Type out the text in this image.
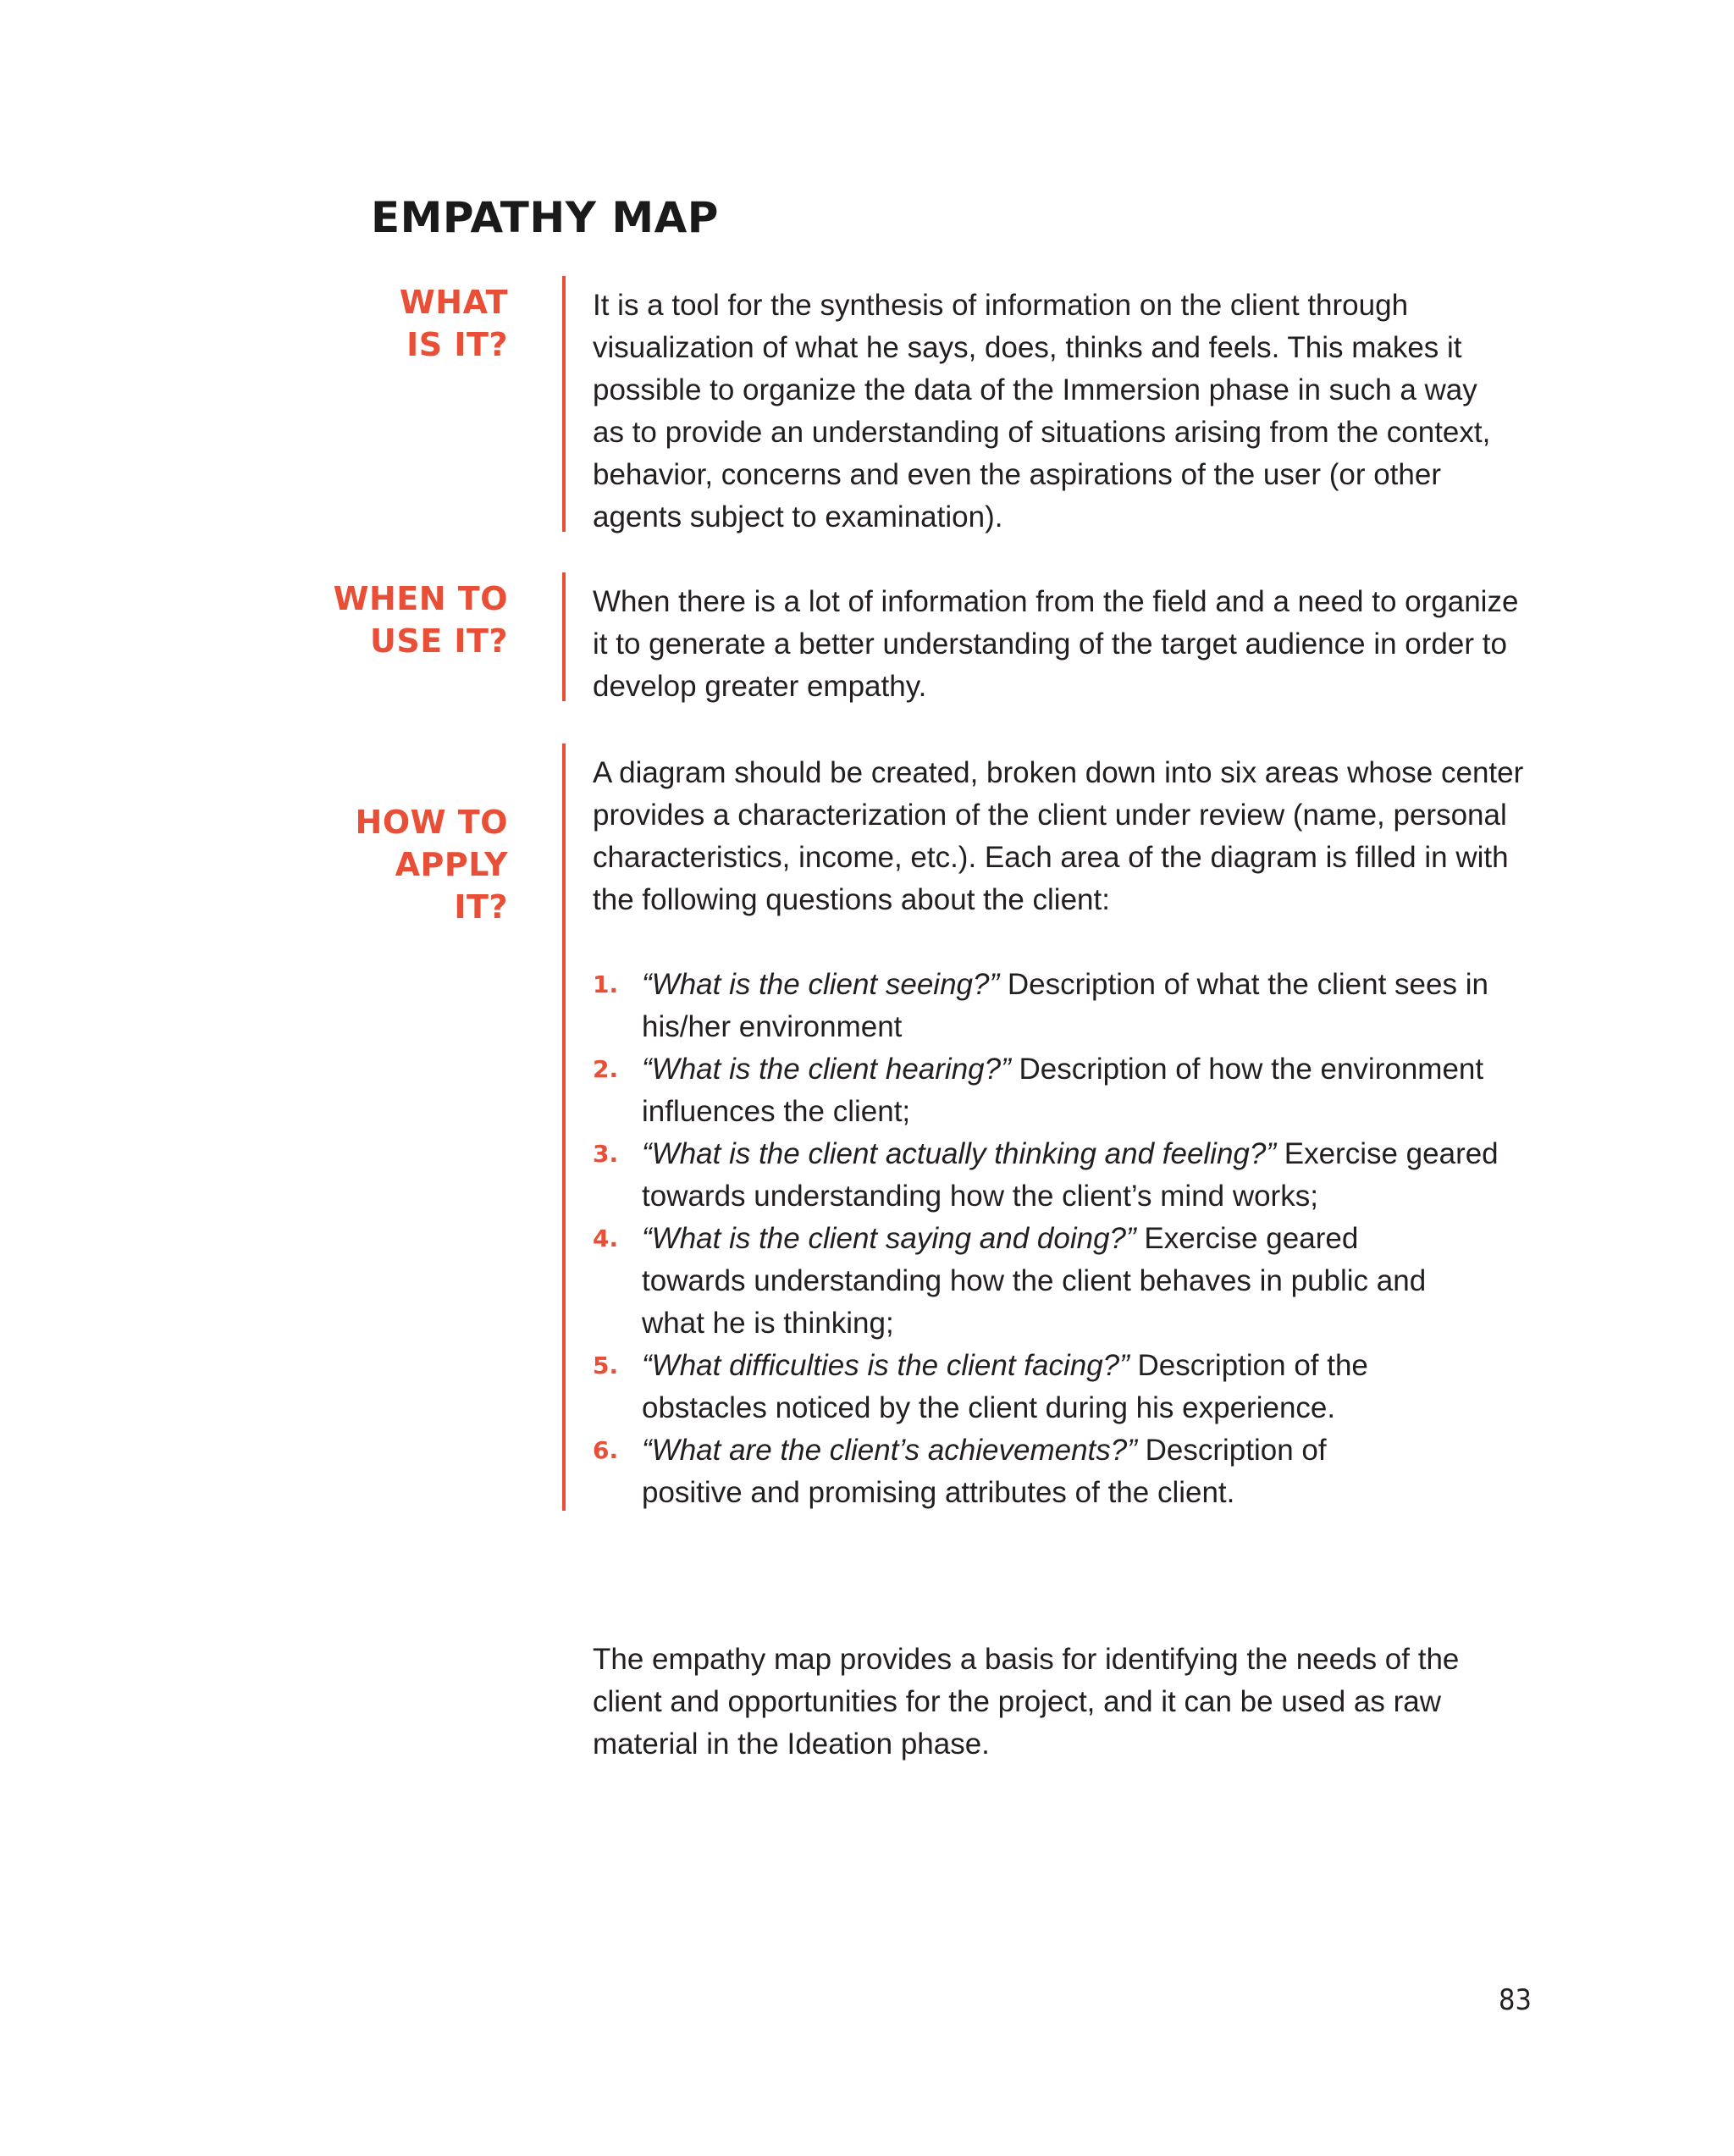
EMPATHY MAP
WHAT
IS IT?

It is a tool for the synthesis of information on the client through visualization of what he says, does, thinks and feels. This makes it possible to organize the data of the Immersion phase in such a way as to provide an understanding of situations arising from the context, behavior, concerns and even the aspirations of the user (or other agents subject to examination).

WHEN TO
USE IT?

When there is a lot of information from the field and a need to organize it to generate a better understanding of the target audience in order to develop greater empathy.

HOW TO
APPLY
IT?

A diagram should be created, broken down into six areas whose center provides a characterization of the client under review (name, personal characteristics, income, etc.). Each area of the diagram is filled in with the following questions about the client:

1. “What is the client seeing?” Description of what the client sees in his/her environment
2. “What is the client hearing?” Description of how the environment influences the client;
3. “What is the client actually thinking and feeling?” Exercise geared towards understanding how the client’s mind works;
4. “What is the client saying and doing?” Exercise geared towards understanding how the client behaves in public and what he is thinking;
5. “What difficulties is the client facing?” Description of the obstacles noticed by the client during his experience.
6. “What are the client’s achievements?” Description of positive and promising attributes of the client.

The empathy map provides a basis for identifying the needs of the client and opportunities for the project, and it can be used as raw material in the Ideation phase.

83
